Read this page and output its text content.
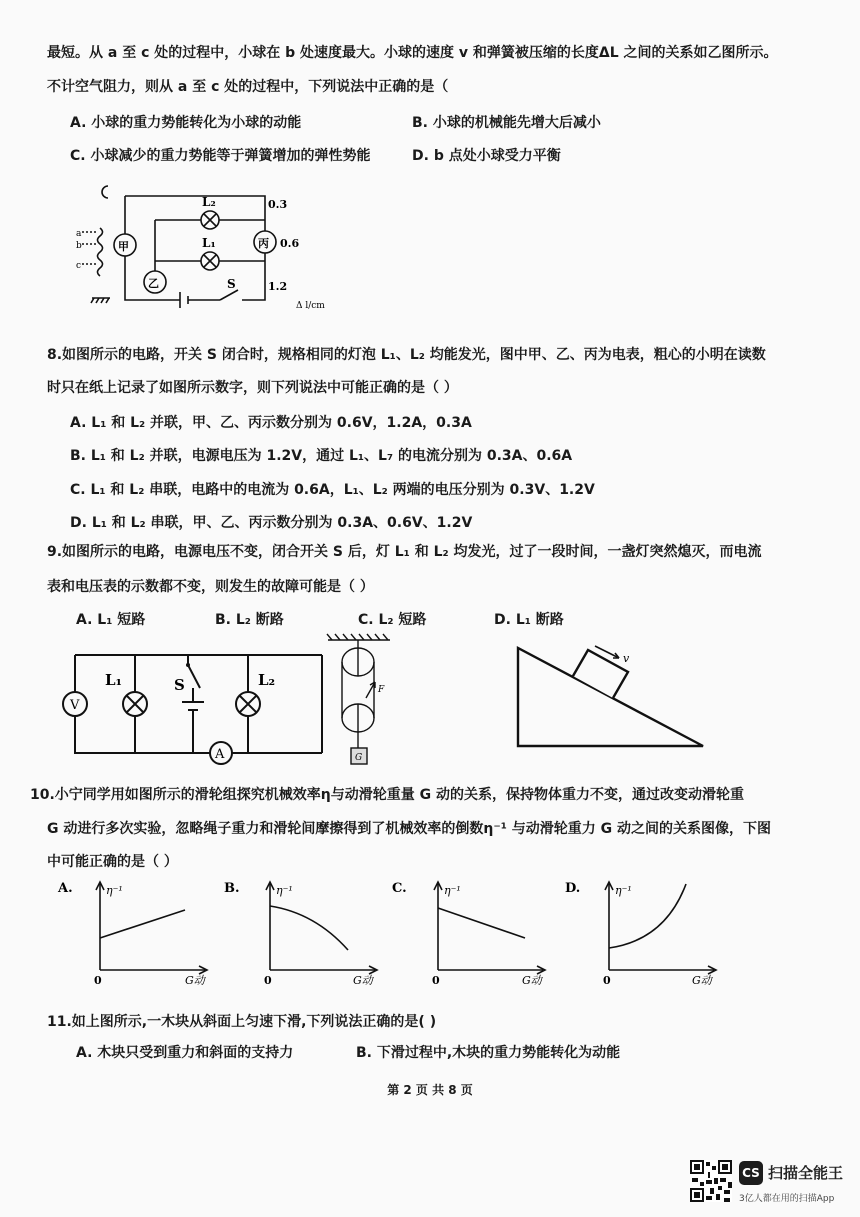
最短。从 a 至 c 处的过程中，小球在 b 处速度最大。小球的速度 v 和弹簧被压缩的长度ΔL 之间的关系如乙图所示。
不计空气阻力，则从 a 至 c 处的过程中，下列说法中正确的是（
A. 小球的重力势能转化为小球的动能	B. 小球的机械能先增大后减小
C. 小球减少的重力势能等于弹簧增加的弹性势能	D. b 点处小球受力平衡
a
b
c
甲	丙
乙
L₂
L₁
S
0.3
0.6
1.2
Δ l/cm
8.如图所示的电路，开关 S 闭合时，规格相同的灯泡 L₁、L₂ 均能发光，图中甲、乙、丙为电表，粗心的小明在读数
时只在纸上记录了如图所示数字，则下列说法中可能正确的是（ ）
A. L₁ 和 L₂ 并联，甲、乙、丙示数分别为 0.6V，1.2A，0.3A
B. L₁ 和 L₂ 并联，电源电压为 1.2V，通过 L₁、L₇ 的电流分别为 0.3A、0.6A
C. L₁ 和 L₂ 串联，电路中的电流为 0.6A，L₁、L₂ 两端的电压分别为 0.3V、1.2V
D. L₁ 和 L₂ 串联，甲、乙、丙示数分别为 0.3A、0.6V、1.2V
9.如图所示的电路，电源电压不变，闭合开关 S 后，灯 L₁ 和 L₂ 均发光，过了一段时间，一盏灯突然熄灭，而电流
表和电压表的示数都不变，则发生的故障可能是（ ）
A. L₁ 短路	B. L₂ 断路	C. L₂ 短路	D. L₁ 断路
V
L₁	S	L₂
A
F
G
v
10.小宁同学用如图所示的滑轮组探究机械效率η与动滑轮重量 G 动的关系，保持物体重力不变，通过改变动滑轮重
G 动进行多次实验，忽略绳子重力和滑轮间摩擦得到了机械效率的倒数η⁻¹ 与动滑轮重力 G 动之间的关系图像，下图
中可能正确的是（ ）
A.	B.	C.	D.
η⁻¹	η⁻¹	η⁻¹	η⁻¹
0	0	0	0
G动	G动	G动	G动
11.如上图所示,一木块从斜面上匀速下滑,下列说法正确的是( )
A. 木块只受到重力和斜面的支持力	B. 下滑过程中,木块的重力势能转化为动能
第 2 页 共 8 页
CS 扫描全能王
3亿人都在用的扫描App
